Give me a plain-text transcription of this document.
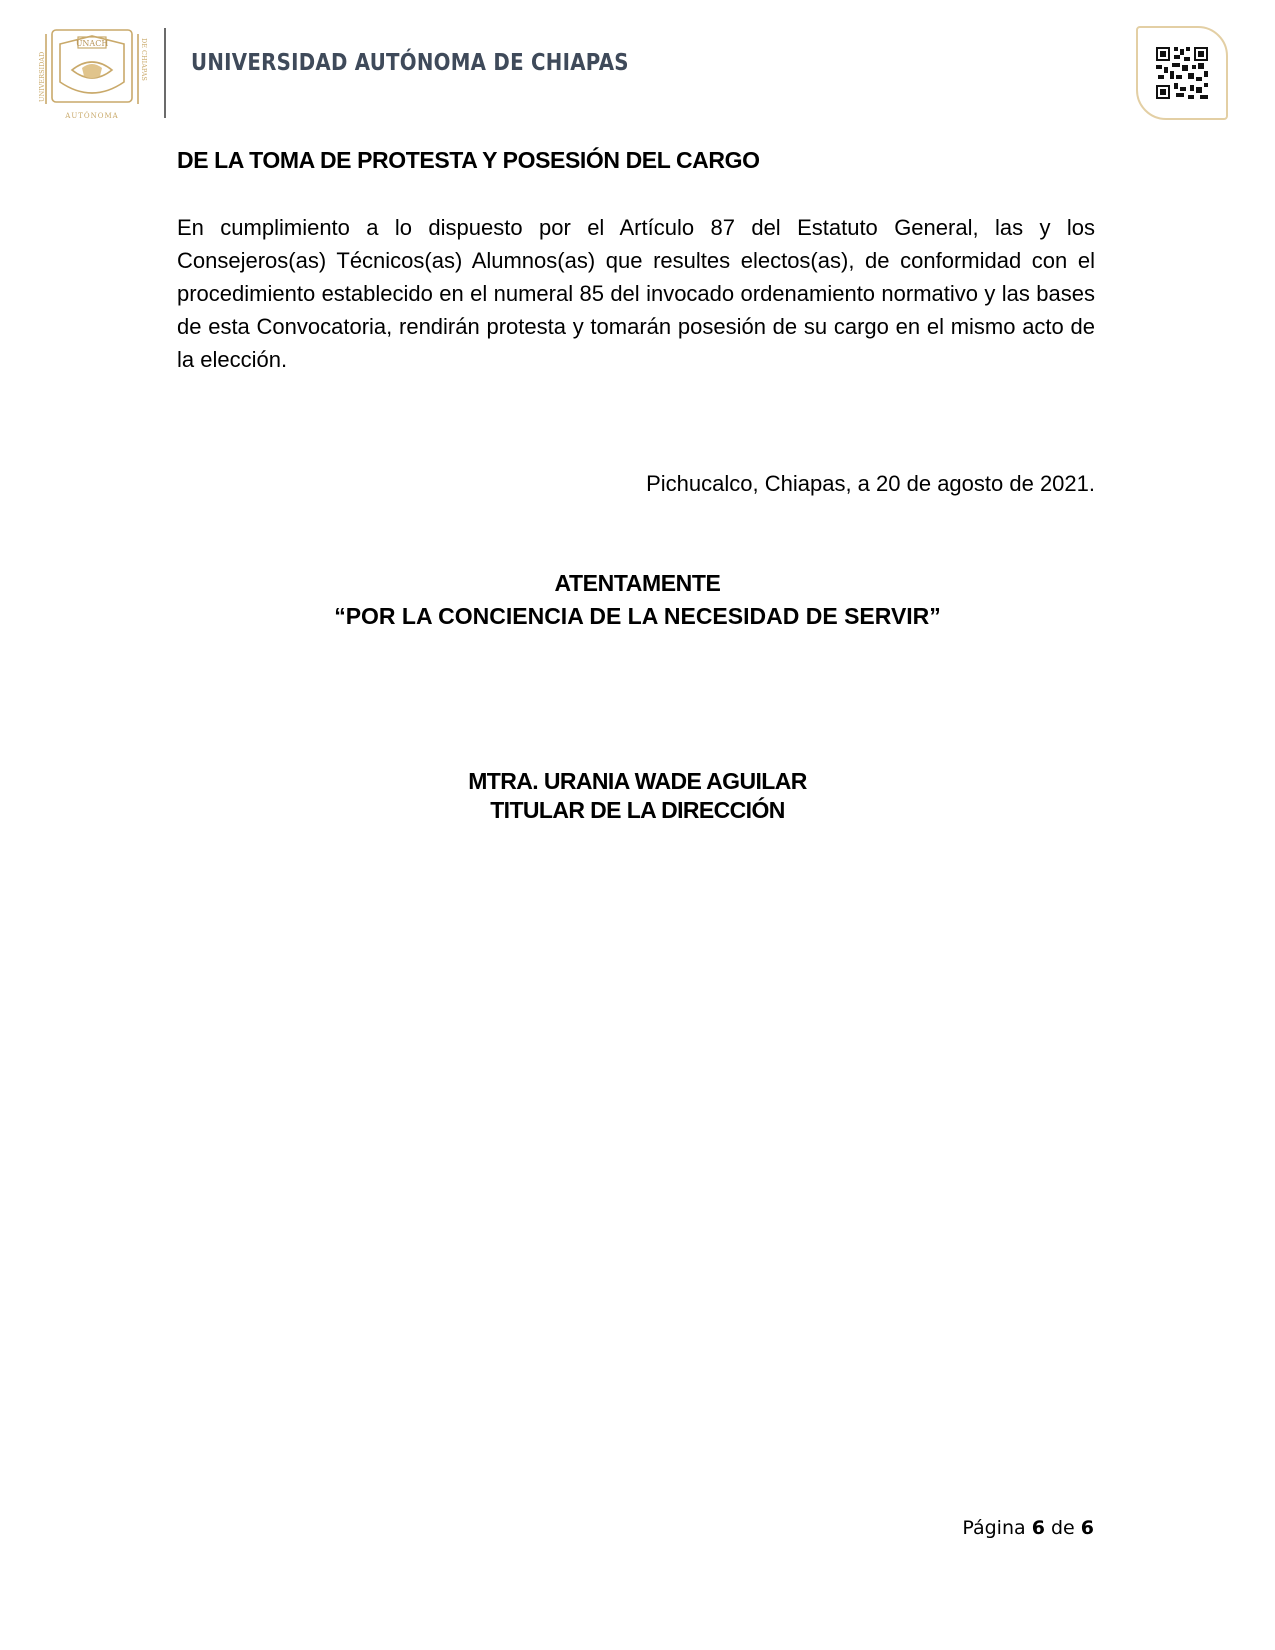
UNACH
UNIVERSIDAD	DE CHIAPAS
AUTÓNOMA
UNIVERSIDAD AUTÓNOMA DE CHIAPAS
DE LA TOMA DE PROTESTA Y POSESIÓN DEL CARGO

En cumplimiento a lo dispuesto por el Artículo 87 del Estatuto General, las y los Consejeros(as) Técnicos(as) Alumnos(as) que resultes electos(as), de conformidad con el procedimiento establecido en el numeral 85 del invocado ordenamiento normativo y las bases de esta Convocatoria, rendirán protesta y tomarán posesión de su cargo en el mismo acto de la elección.

Pichucalco, Chiapas, a 20 de agosto de 2021.
ATENTAMENTE
“POR LA CONCIENCIA DE LA NECESIDAD DE SERVIR”
MTRA. URANIA WADE AGUILAR
TITULAR DE LA DIRECCIÓN
Página 6 de 6
